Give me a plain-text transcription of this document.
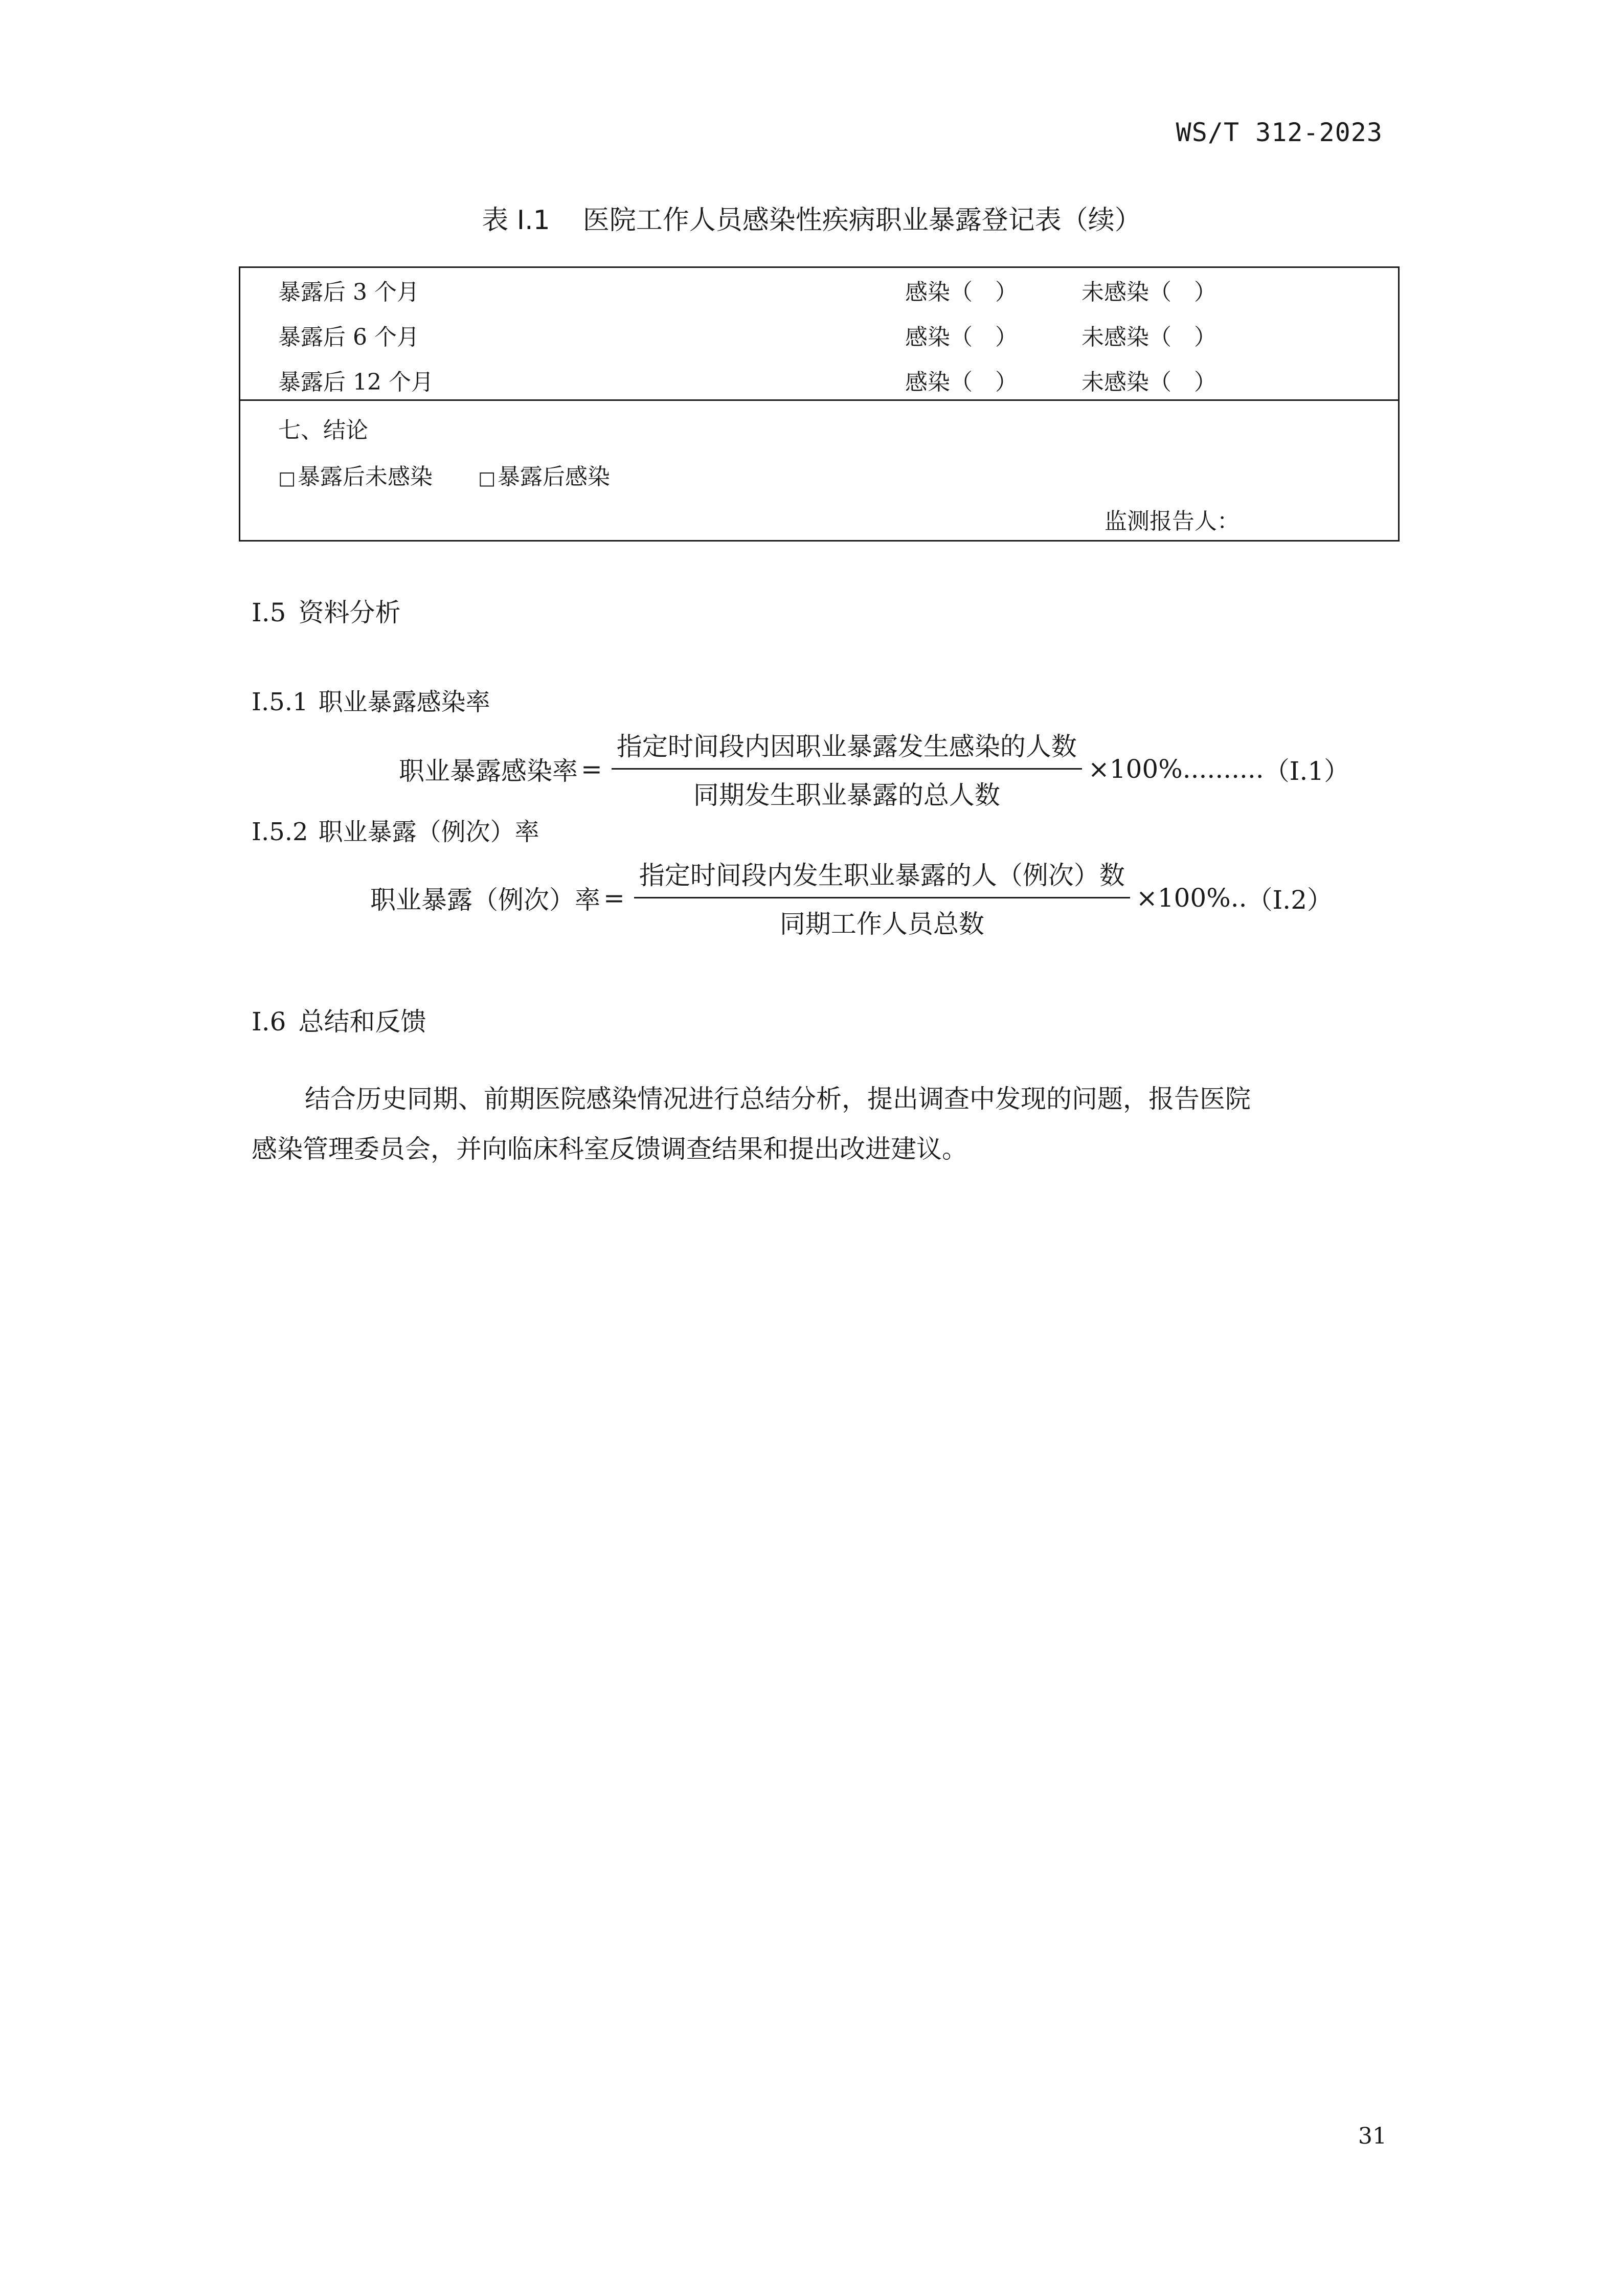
WS/T 312-2023
表 I.1 医院工作人员感染性疾病职业暴露登记表（续）
暴露后 3 个月	感染（　）	未感染（　）
暴露后 6 个月	感染（　）	未感染（　）
暴露后 12 个月	感染（　）	未感染（　）
七、结论
□暴露后未感染 □暴露后感染
监测报告人：
I.5 资料分析
I.5.1 职业暴露感染率
职业暴露感染率 = $\frac{\text{指定时间段内因职业暴露发生感染的人数}}{\text{同期发生职业暴露的总人数}} \times 100\%$ .......... （I.1）
I.5.2 职业暴露（例次）率
职业暴露（例次）率 = $\frac{\text{指定时间段内发生职业暴露的人（例次）数}}{\text{同期工作人员总数}} \times 100\%$ .. （I.2）
I.6 总结和反馈
结合历史同期、前期医院感染情况进行总结分析，提出调查中发现的问题，报告医院
感染管理委员会，并向临床科室反馈调查结果和提出改进建议。
31
